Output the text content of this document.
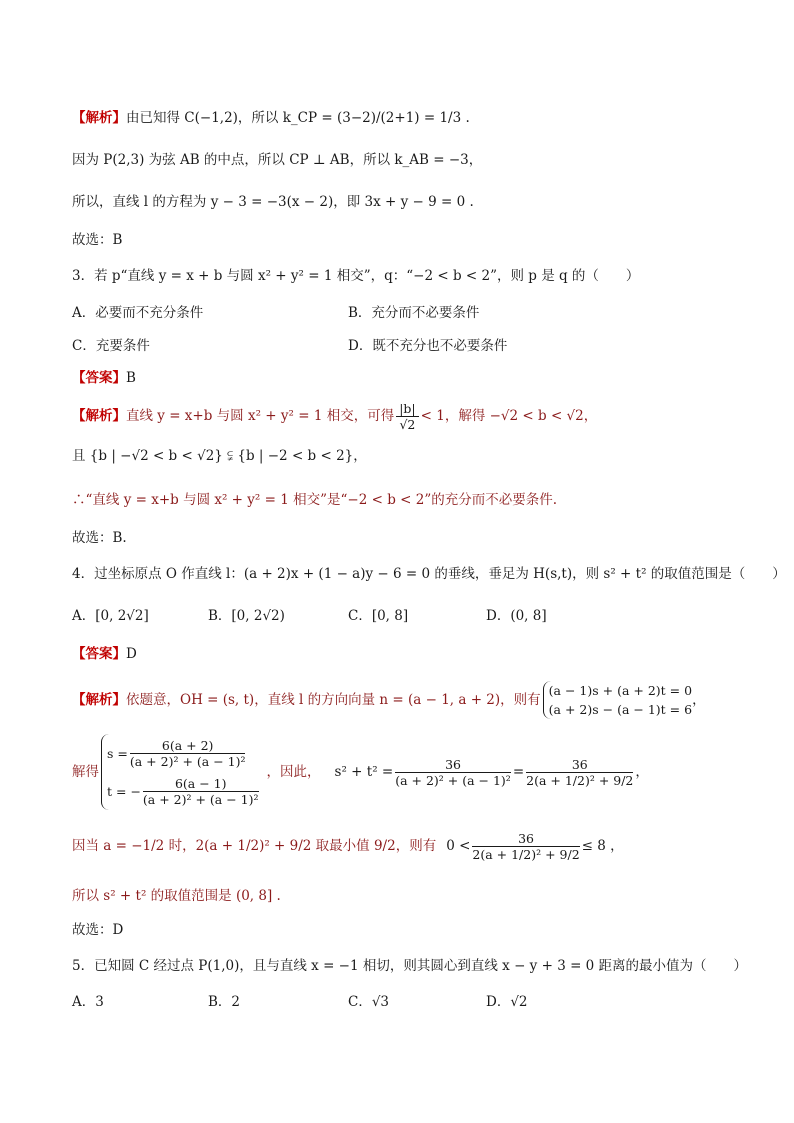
【解析】由已知得 C(−1,2)，所以 k_CP = (3−2)/(2+1) = 1/3 .
因为 P(2,3) 为弦 AB 的中点，所以 CP ⊥ AB，所以 k_AB = −3，
所以，直线 l 的方程为 y − 3 = −3(x − 2)，即 3x + y − 9 = 0 .
故选：B
3．若 p“直线 y = x + b 与圆 x² + y² = 1 相交”，q：“−2 < b < 2”，则 p 是 q 的（　　）
A．必要而不充分条件	B．充分而不必要条件
C．充要条件	D．既不充分也不必要条件
【答案】B
【解析】 直线 y = x+b 与圆 x² + y² = 1 相交，可得 $\frac{|b|}{√2} < 1$，解得 −√2 < b < √2，
且 {b | −√2 < b < √2} ⫋ {b | −2 < b < 2}，
∴“直线 y = x+b 与圆 x² + y² = 1 相交”是“−2 < b < 2”的充分而不必要条件.
故选：B.
4．过坐标原点 O 作直线 l：(a + 2)x + (1 − a)y − 6 = 0 的垂线，垂足为 H(s,t)，则 s² + t² 的取值范围是（　　）
A．[0, 2√2]	B．[0, 2√2)	C．[0, 8]	D．(0, 8]
【答案】D
【解析】 依题意，OH = (s, t)，直线 l 的方向向量 n = (a − 1, a + 2)，则有
(a − 1)s + (a + 2)t = 0
(a + 2)s − (a − 1)t = 6
，
解得
$s = \frac{6(a + 2)}{\text{(a + 2)² + (a − 1)²}}$
t = − $\frac{6(a - 1)}{\text{(a + 2)² + (a − 1)²}}$
，因此， $s^2 + t^2 = \frac{36}{\text{(a + 2)² + (a − 1)²}} = \frac{36}{\text{2(a + 1/2)² + 9/2}}$ ，
因当 a = −1/2 时，2(a + 1/2)² + 9/2 取最小值 9/2，则有 $0 < \frac{36}{\text{2(a + 1/2)² + 9/2}} \le 8$ ，
所以 s² + t² 的取值范围是 (0, 8] .
故选：D
5．已知圆 C 经过点 P(1,0)，且与直线 x = −1 相切，则其圆心到直线 x − y + 3 = 0 距离的最小值为（　　）
A．3	B．2	C．√3	D．√2
